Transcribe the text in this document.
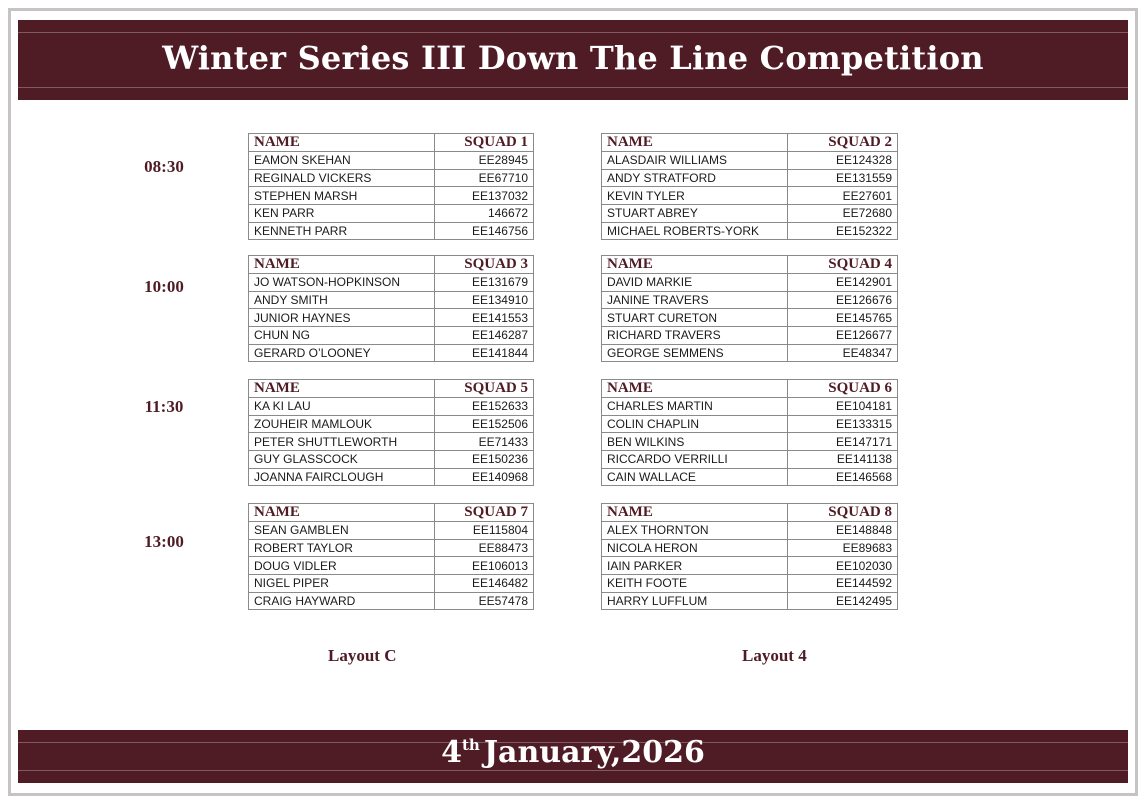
Winter Series III Down The Line Competition
08:30
10:00
11:30
13:00
NAME	SQUAD 1
EAMON SKEHAN	EE28945
REGINALD VICKERS	EE67710
STEPHEN MARSH	EE137032
KEN PARR	146672
KENNETH PARR	EE146756
NAME	SQUAD 2
ALASDAIR WILLIAMS	EE124328
ANDY STRATFORD	EE131559
KEVIN TYLER	EE27601
STUART ABREY	EE72680
MICHAEL ROBERTS-YORK	EE152322
NAME	SQUAD 3
JO WATSON-HOPKINSON	EE131679
ANDY SMITH	EE134910
JUNIOR HAYNES	EE141553
CHUN NG	EE146287
GERARD O’LOONEY	EE141844
NAME	SQUAD 4
DAVID MARKIE	EE142901
JANINE TRAVERS	EE126676
STUART CURETON	EE145765
RICHARD TRAVERS	EE126677
GEORGE SEMMENS	EE48347
NAME	SQUAD 5
KA KI LAU	EE152633
ZOUHEIR MAMLOUK	EE152506
PETER SHUTTLEWORTH	EE71433
GUY GLASSCOCK	EE150236
JOANNA FAIRCLOUGH	EE140968
NAME	SQUAD 6
CHARLES MARTIN	EE104181
COLIN CHAPLIN	EE133315
BEN WILKINS	EE147171
RICCARDO VERRILLI	EE141138
CAIN WALLACE	EE146568
NAME	SQUAD 7
SEAN GAMBLEN	EE115804
ROBERT TAYLOR	EE88473
DOUG VIDLER	EE106013
NIGEL PIPER	EE146482
CRAIG HAYWARD	EE57478
NAME	SQUAD 8
ALEX THORNTON	EE148848
NICOLA HERON	EE89683
IAIN PARKER	EE102030
KEITH FOOTE	EE144592
HARRY LUFFLUM	EE142495
Layout C	Layout 4
4th January,2026
